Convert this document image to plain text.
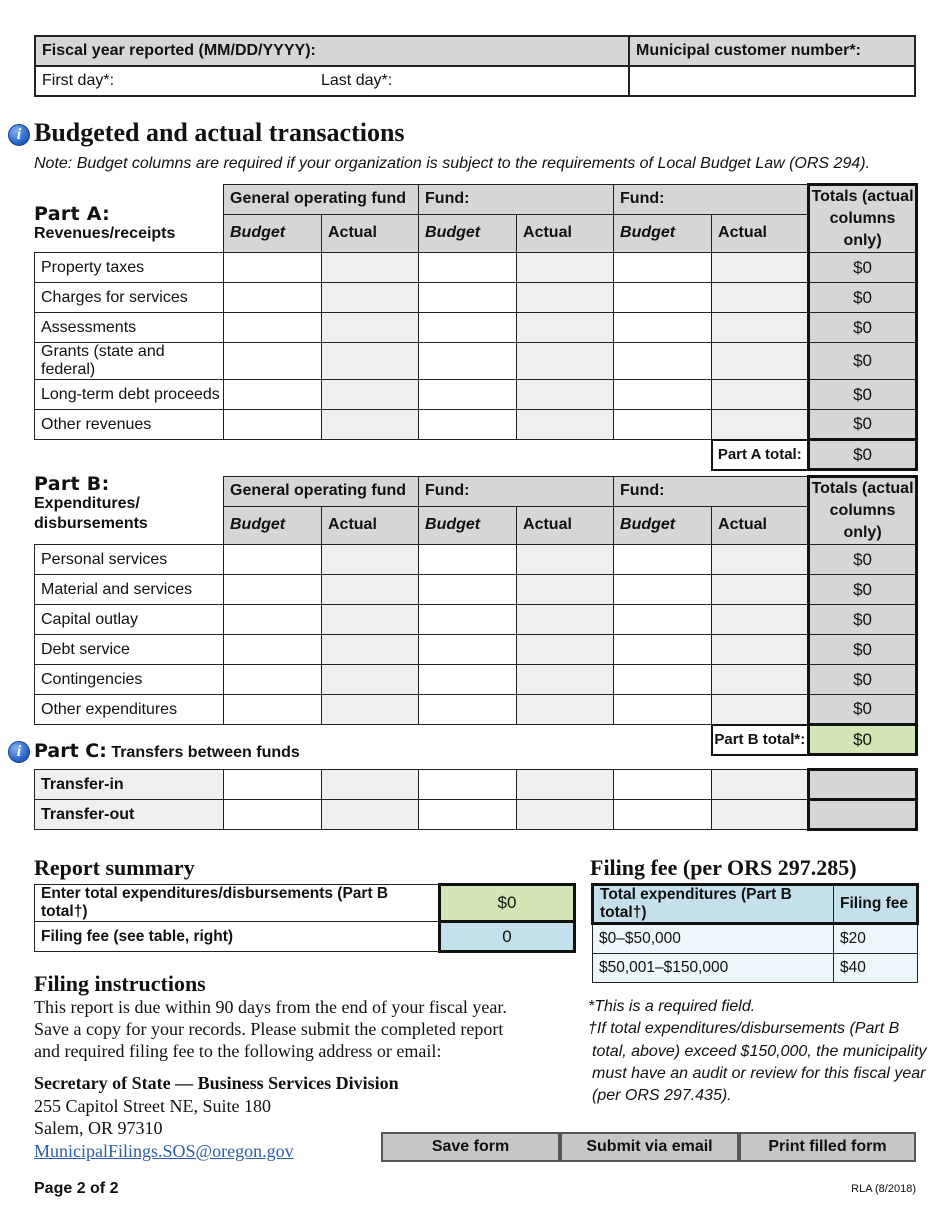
Fiscal year reported (MM/DD/YYYY):	Municipal customer number*:
First day*: Last day*:	

i Budgeted and actual transactions
Note: Budget columns are required if your organization is subject to the requirements of Local Budget Law (ORS 294).
Part A:
Revenues/receipts
	General operating fund		Fund:		Fund:		Totals (actual
columns only)

	Budget	Actual	Budget	Actual	Budget	Actual	
Property taxes							$0
Charges for services							$0
Assessments							$0
Grants (state and federal)							$0
Long-term debt proceeds							$0
Other revenues							$0
						Part A total:	$0
Part B:
Expenditures/
disbursements
	General operating fund		Fund:		Fund:		Totals (actual
columns only)

	Budget	Actual	Budget	Actual	Budget	Actual	
Personal services							$0
Material and services							$0
Capital outlay							$0
Debt service							$0
Contingencies							$0
Other expenditures							$0
						Part B total*:	$0
i Part C: Transfers between funds
Transfer-in							
Transfer-out							
Report summary
Enter total expenditures/disbursements (Part B total†)	$0
Filing fee (see table, right)	0
Filing fee (per ORS 297.285)
Total expenditures (Part B total†)	Filing fee
$0–$50,000	$20
$50,001–$150,000	$40
Filing instructions
This report is due within 90 days from the end of your fiscal year.
Save a copy for your records. Please submit the completed report
and required filing fee to the following address or email:
Secretary of State — Business Services Division
255 Capitol Street NE, Suite 180
Salem, OR 97310
MunicipalFilings.SOS@oregon.gov
*This is a required field.
†If total expenditures/disbursements (Part B
total, above) exceed $150,000, the municipality
must have an audit or review for this fiscal year
(per ORS 297.435).
Save form	Submit via email	Print filled form
Page 2 of 2	RLA (8/2018)
